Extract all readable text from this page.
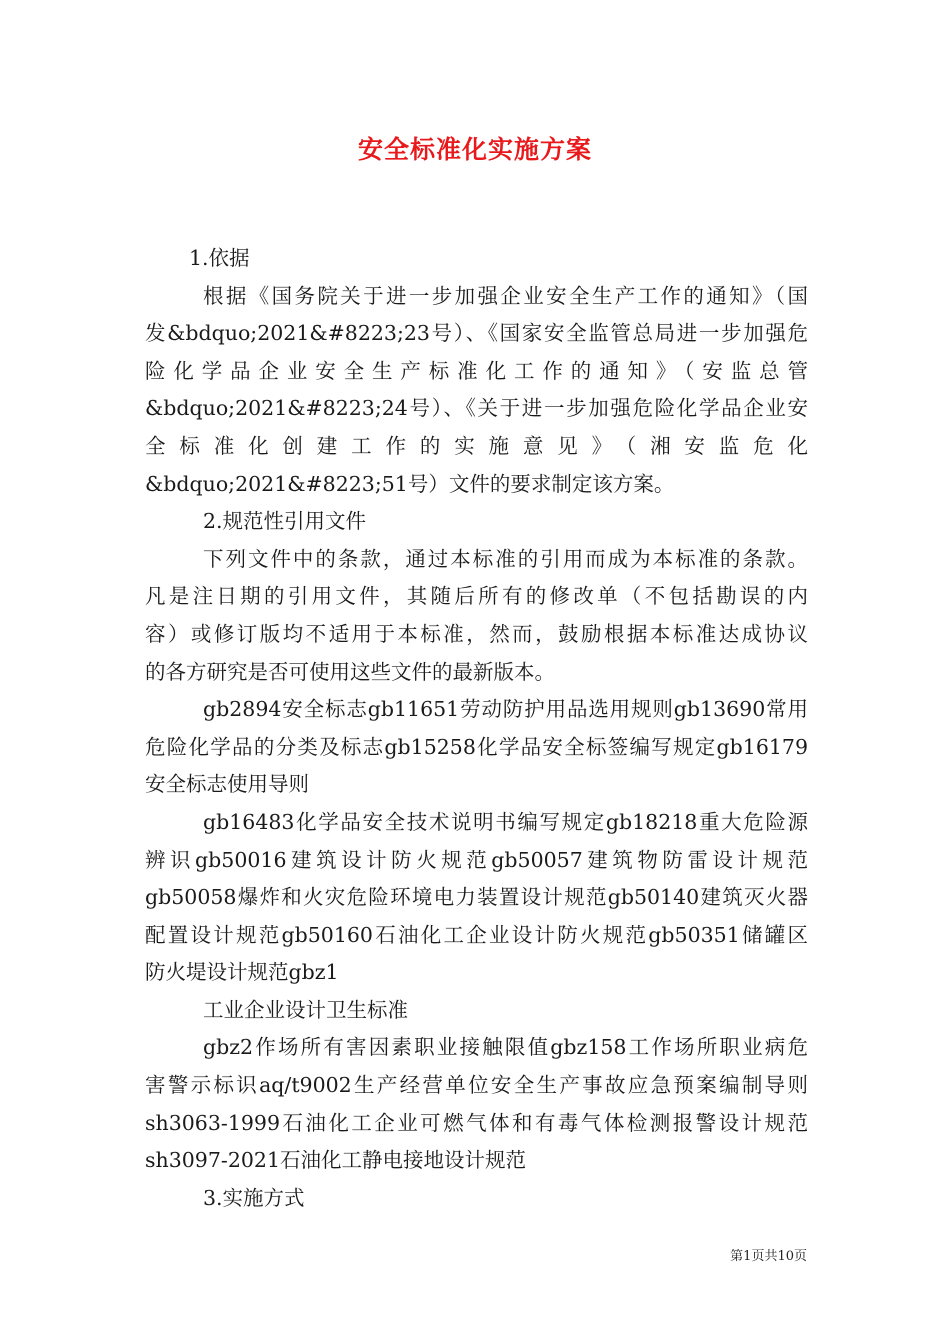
安全标准化实施方案
1.依据
根据《国务院关于进一步加强企业安全生产工作的通知》（国
发&bdquo;2021&#8223;23号）、《国家安全监管总局进一步加强危
险化学品企业安全生产标准化工作的通知》（安监总管
&bdquo;2021&#8223;24号）、《关于进一步加强危险化学品企业安
全标准化创建工作的实施意见》（湘安监危化
&bdquo;2021&#8223;51号）文件的要求制定该方案。
2.规范性引用文件
下列文件中的条款，通过本标准的引用而成为本标准的条款。
凡是注日期的引用文件，其随后所有的修改单（不包括勘误的内
容）或修订版均不适用于本标准，然而，鼓励根据本标准达成协议
的各方研究是否可使用这些文件的最新版本。
gb2894安全标志gb11651劳动防护用品选用规则gb13690常用
危险化学品的分类及标志gb15258化学品安全标签编写规定gb16179
安全标志使用导则
gb16483化学品安全技术说明书编写规定gb18218重大危险源
辨识gb50016建筑设计防火规范gb50057建筑物防雷设计规范
gb50058爆炸和火灾危险环境电力装置设计规范gb50140建筑灭火器
配置设计规范gb50160石油化工企业设计防火规范gb50351储罐区
防火堤设计规范gbz1
工业企业设计卫生标准
gbz2作场所有害因素职业接触限值gbz158工作场所职业病危
害警示标识aq/t9002生产经营单位安全生产事故应急预案编制导则
sh3063-1999石油化工企业可燃气体和有毒气体检测报警设计规范
sh3097-2021石油化工静电接地设计规范
3.实施方式
第1页共10页
